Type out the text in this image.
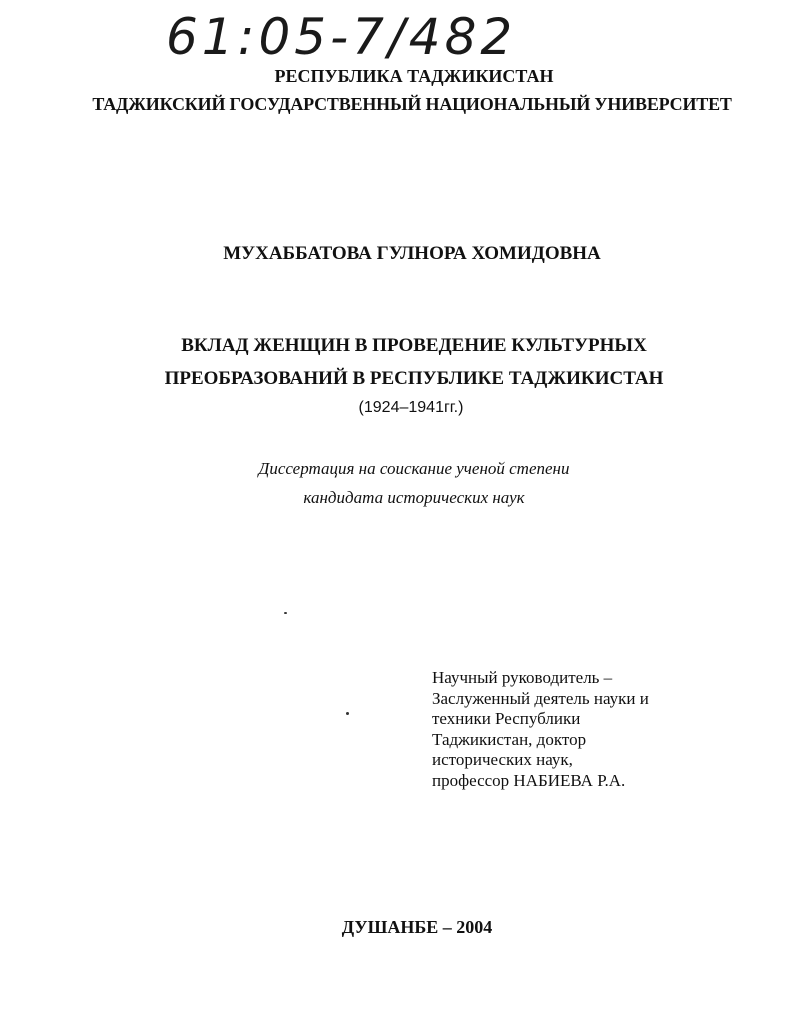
61:05-7/482
РЕСПУБЛИКА ТАДЖИКИСТАН
ТАДЖИКСКИЙ ГОСУДАРСТВЕННЫЙ НАЦИОНАЛЬНЫЙ УНИВЕРСИТЕТ
МУХАББАТОВА ГУЛНОРА ХОМИДОВНА
ВКЛАД ЖЕНЩИН В ПРОВЕДЕНИЕ КУЛЬТУРНЫХ
ПРЕОБРАЗОВАНИЙ В РЕСПУБЛИКЕ ТАДЖИКИСТАН
(1924–1941гг.)
Диссертация на соискание ученой степени
кандидата исторических наук
Научный руководитель –
Заслуженный деятель науки и
техники Республики
Таджикистан, доктор
исторических наук,
профессор НАБИЕВА Р.А.
ДУШАНБЕ – 2004
